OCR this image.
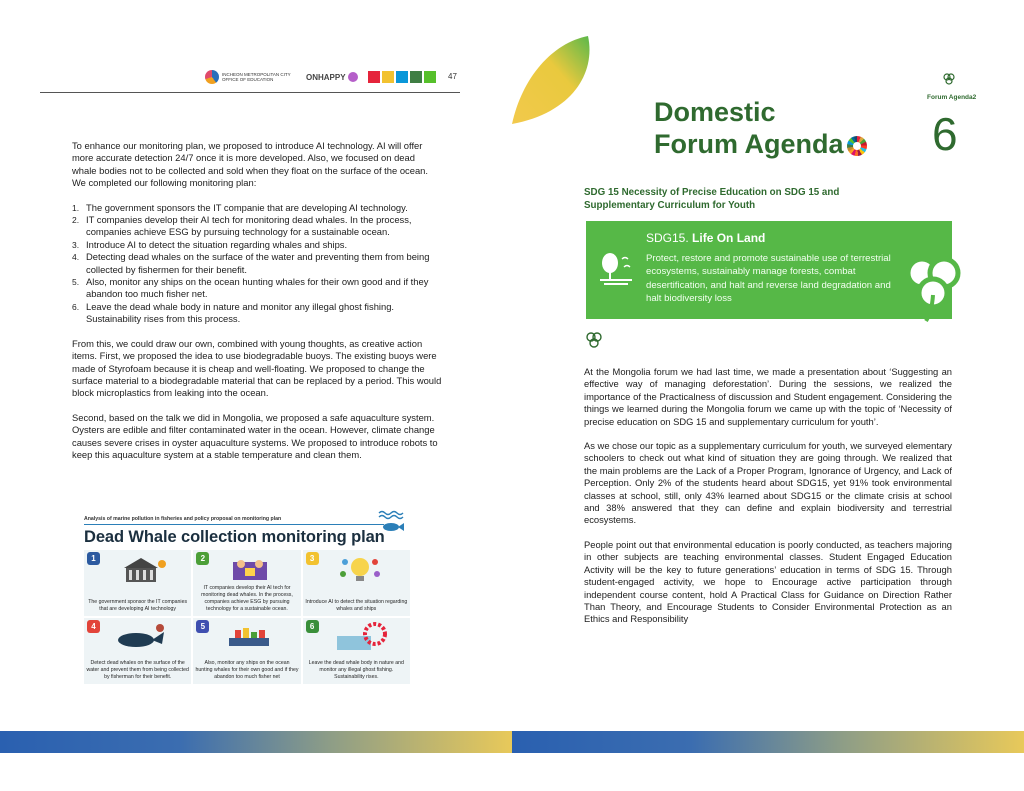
INCHEON METROPOLITAN CITY OFFICE OF EDUCATION	ONHAPPY	47

To enhance our monitoring plan, we proposed to introduce AI technology. AI will offer more accurate detection 24/7 once it is more developed. Also, we focused on dead whale bodies not to be collected and sold when they float on the surface of the ocean. We completed our following monitoring plan:

1. The government sponsors the IT companie that are developing AI technology.
2. IT companies develop their AI tech for monitoring dead whales. In the process, companies achieve ESG by pursuing technology for a sustainable ocean.
3. Introduce AI to detect the situation regarding whales and ships.
4. Detecting dead whales on the surface of the water and preventing them from being collected by fishermen for their benefit.
5. Also, monitor any ships on the ocean hunting whales for their own good and if they abandon too much fisher net.
6. Leave the dead whale body in nature and monitor any illegal ghost fishing. Sustainability rises from this process.

From this, we could draw our own, combined with young thoughts, as creative action items. First, we proposed the idea to use biodegradable buoys. The existing buoys were made of Styrofoam because it is cheap and well-floating. We proposed to change the surface material to a biodegradable material that can be replaced by a period. This would block microplastics from leaking into the ocean.

Second, based on the talk we did in Mongolia, we proposed a safe aquaculture system. Oysters are edible and filter contaminated water in the ocean. However, climate change causes severe crises in oyster aquaculture systems. We proposed to introduce robots to keep this aquaculture system at a stable temperature and clean them.

Analysis of marine pollution in fisheries and policy proposal on monitoring plan
Dead Whale collection monitoring plan
1
The government sponsor the IT companies that are developing AI technology
2
IT companies develop their AI tech for monitoring dead whales. In the process, companies achieve ESG by pursuing technology for a sustainable ocean.
3
Introduce AI to detect the situation regarding whales and ships
4
Detect dead whales on the surface of the water and prevent them from being collected by fisherman for their benefit.
5
Also, monitor any ships on the ocean hunting whales for their own good and if they abandon too much fisher net
6
Leave the dead whale body in nature and monitor any illegal ghost fishing. Sustainability rises.
Domestic
Forum Agenda
Forum Agenda2
6
SDG 15 Necessity of Precise Education on SDG 15 and Supplementary Curriculum for Youth
SDG15. Life On Land
Protect, restore and promote sustainable use of terrestrial ecosystems, sustainably manage forests, combat desertification, and halt and reverse land degradation and halt biodiversity loss

At the Mongolia forum we had last time, we made a presentation about ‘Suggesting an effective way of managing deforestation’. During the sessions, we realized the importance of the Practicalness of discussion and Student engagement. Considering the things we learned during the Mongolia forum we came up with the topic of ‘Necessity of precise education on SDG 15 and supplementary curriculum for youth’.

As we chose our topic as a supplementary curriculum for youth, we surveyed elementary schoolers to check out what kind of situation they are going through. We realized that the main problems are the Lack of a Proper Program, Ignorance of Urgency, and Lack of Perception. Only 2% of the students heard about SDG15, yet 91% took environmental classes at school, still, only 43% learned about SDG15 or the climate crisis at school and 38% answered that they can define and explain biodiversity and terrestrial ecosystems.

People point out that environmental education is poorly conducted, as teachers majoring in other subjects are teaching environmental classes. Student Engaged Education Activity will be the key to future generations’ education in terms of SDG 15. Through student-engaged activity, we hope to Encourage active participation through independent course content, hold A Practical Class for Guidance on Direction Rather Than Theory, and Encourage Students to Consider Environmental Protection as an Ethics and Responsibility
